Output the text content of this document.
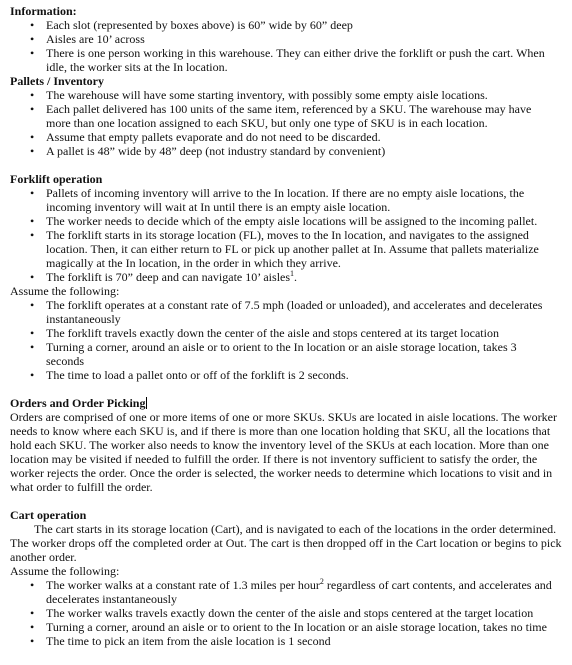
Information:

• Each slot (represented by boxes above) is 60” wide by 60” deep
• Aisles are 10’ across
• There is one person working in this warehouse. They can either drive the forklift or push the cart. When idle, the worker sits at the In location.

Pallets / Inventory

• The warehouse will have some starting inventory, with possibly some empty aisle locations.
• Each pallet delivered has 100 units of the same item, referenced by a SKU. The warehouse may have more than one location assigned to each SKU, but only one type of SKU is in each location.
• Assume that empty pallets evaporate and do not need to be discarded.
• A pallet is 48” wide by 48” deep (not industry standard by convenient)

Forklift operation

• Pallets of incoming inventory will arrive to the In location. If there are no empty aisle locations, the incoming inventory will wait at In until there is an empty aisle location.
• The worker needs to decide which of the empty aisle locations will be assigned to the incoming pallet.
• The forklift starts in its storage location (FL), moves to the In location, and navigates to the assigned location. Then, it can either return to FL or pick up another pallet at In. Assume that pallets materialize magically at the In location, in the order in which they arrive.
• The forklift is 70” deep and can navigate 10’ aisles$^1$.

Assume the following:

• The forklift operates at a constant rate of 7.5 mph (loaded or unloaded), and accelerates and decelerates instantaneously
• The forklift travels exactly down the center of the aisle and stops centered at its target location
• Turning a corner, around an aisle or to orient to the In location or an aisle storage location, takes 3 seconds
• The time to load a pallet onto or off of the forklift is 2 seconds.

Orders and Order Picking

Orders are comprised of one or more items of one or more SKUs. SKUs are located in aisle locations. The worker needs to know where each SKU is, and if there is more than one location holding that SKU, all the locations that hold each SKU. The worker also needs to know the inventory level of the SKUs at each location. More than one location may be visited if needed to fulfill the order. If there is not inventory sufficient to satisfy the order, the worker rejects the order. Once the order is selected, the worker needs to determine which locations to visit and in what order to fulfill the order.

Cart operation

The cart starts in its storage location (Cart), and is navigated to each of the locations in the order determined. The worker drops off the completed order at Out. The cart is then dropped off in the Cart location or begins to pick another order.

Assume the following:

• The worker walks at a constant rate of 1.3 miles per hour$^2$ regardless of cart contents, and accelerates and decelerates instantaneously
• The worker walks travels exactly down the center of the aisle and stops centered at the target location
• Turning a corner, around an aisle or to orient to the In location or an aisle storage location, takes no time
• The time to pick an item from the aisle location is 1 second
